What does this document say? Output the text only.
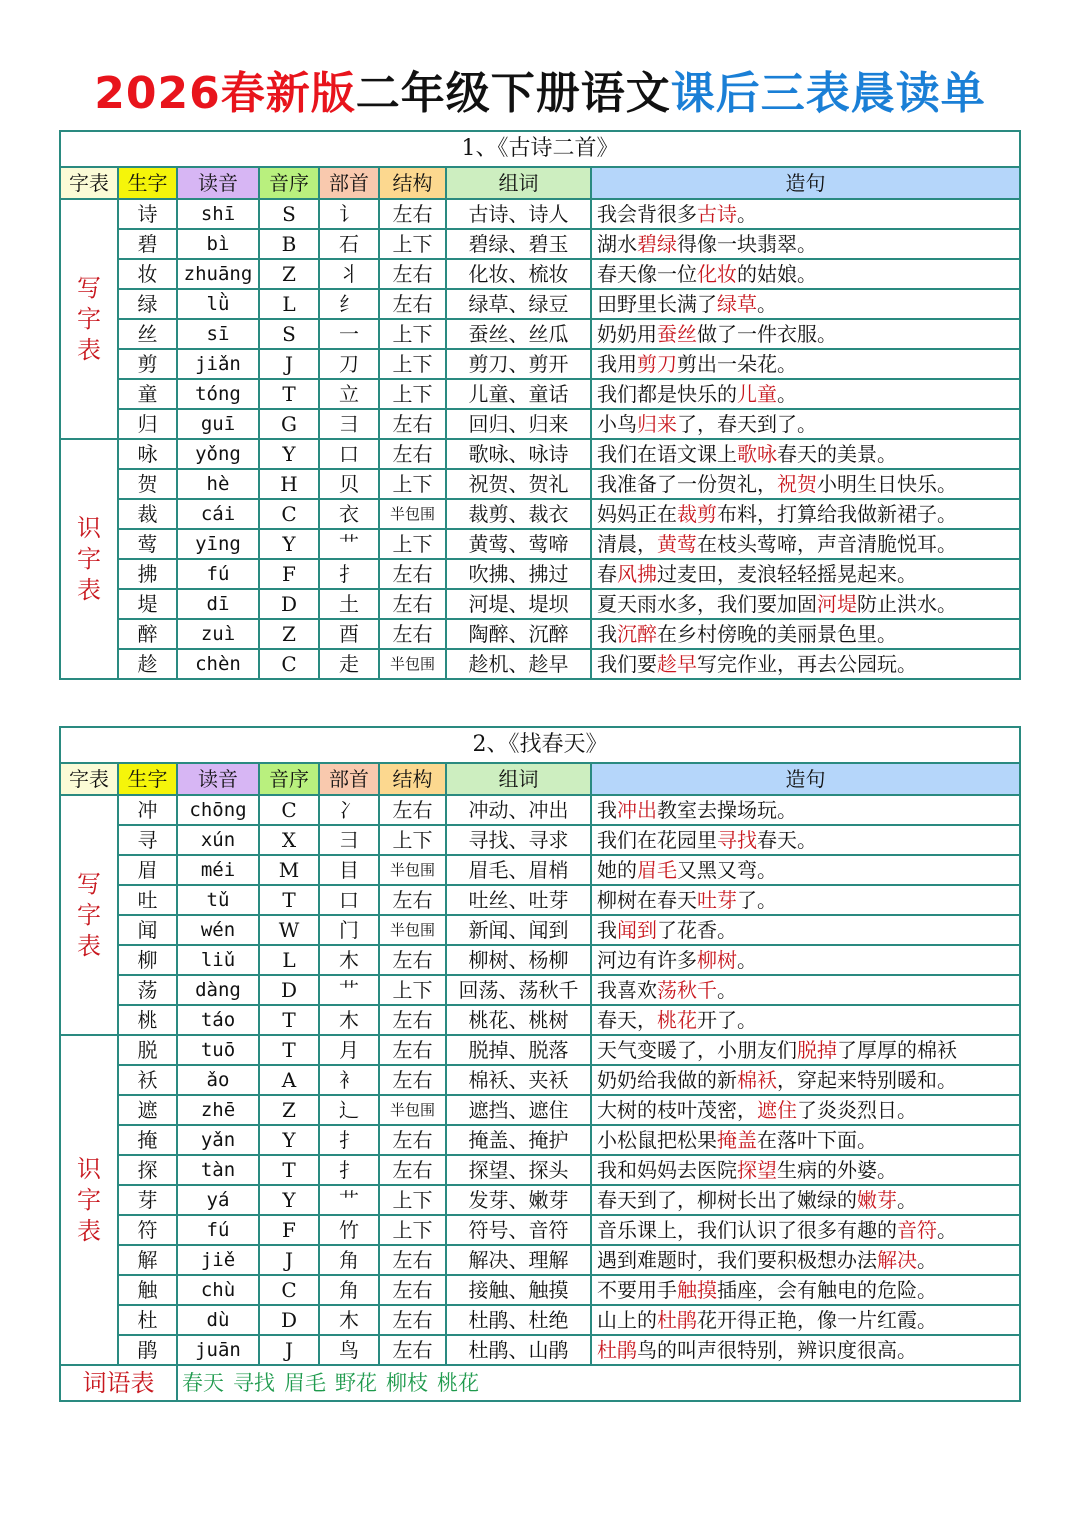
2026春新版二年级下册语文课后三表晨读单
1、《古诗二首》							
字表	生字	读音	音序	部首	结构	组词	造句

写字表	诗	shī	S	讠	左右	古诗、诗人	我会背很多古诗。
	碧	bì	B	石	上下	碧绿、碧玉	湖水碧绿得像一块翡翠。
	妆	zhuāng	Z	丬	左右	化妆、梳妆	春天像一位化妆的姑娘。
	绿	lǜ	L	纟	左右	绿草、绿豆	田野里长满了绿草。
	丝	sī	S	一	上下	蚕丝、丝瓜	奶奶用蚕丝做了一件衣服。
	剪	jiǎn	J	刀	上下	剪刀、剪开	我用剪刀剪出一朵花。
	童	tóng	T	立	上下	儿童、童话	我们都是快乐的儿童。
	归	guī	G	彐	左右	回归、归来	小鸟归来了，春天到了。

识字表	咏	yǒng	Y	口	左右	歌咏、咏诗	我们在语文课上歌咏春天的美景。
	贺	hè	H	贝	上下	祝贺、贺礼	我准备了一份贺礼，祝贺小明生日快乐。
	裁	cái	C	衣	半包围	裁剪、裁衣	妈妈正在裁剪布料，打算给我做新裙子。
	莺	yīng	Y	艹	上下	黄莺、莺啼	清晨，黄莺在枝头莺啼，声音清脆悦耳。
	拂	fú	F	扌	左右	吹拂、拂过	春风拂过麦田，麦浪轻轻摇晃起来。
	堤	dī	D	土	左右	河堤、堤坝	夏天雨水多，我们要加固河堤防止洪水。
	醉	zuì	Z	酉	左右	陶醉、沉醉	我沉醉在乡村傍晚的美丽景色里。
	趁	chèn	C	走	半包围	趁机、趁早	我们要趁早写完作业，再去公园玩。
2、《找春天》							
字表	生字	读音	音序	部首	结构	组词	造句

写字表	冲	chōng	C	冫	左右	冲动、冲出	我冲出教室去操场玩。
	寻	xún	X	彐	上下	寻找、寻求	我们在花园里寻找春天。
	眉	méi	M	目	半包围	眉毛、眉梢	她的眉毛又黑又弯。
	吐	tǔ	T	口	左右	吐丝、吐芽	柳树在春天吐芽了。
	闻	wén	W	门	半包围	新闻、闻到	我闻到了花香。
	柳	liǔ	L	木	左右	柳树、杨柳	河边有许多柳树。
	荡	dàng	D	艹	上下	回荡、荡秋千	我喜欢荡秋千。
	桃	táo	T	木	左右	桃花、桃树	春天，桃花开了。

识字表	脱	tuō	T	月	左右	脱掉、脱落	天气变暖了，小朋友们脱掉了厚厚的棉袄
	袄	ǎo	A	衤	左右	棉袄、夹袄	奶奶给我做的新棉袄，穿起来特别暖和。
	遮	zhē	Z	辶	半包围	遮挡、遮住	大树的枝叶茂密，遮住了炎炎烈日。
	掩	yǎn	Y	扌	左右	掩盖、掩护	小松鼠把松果掩盖在落叶下面。
	探	tàn	T	扌	左右	探望、探头	我和妈妈去医院探望生病的外婆。
	芽	yá	Y	艹	上下	发芽、嫩芽	春天到了，柳树长出了嫩绿的嫩芽。
	符	fú	F	竹	上下	符号、音符	音乐课上，我们认识了很多有趣的音符。
	解	jiě	J	角	左右	解决、理解	遇到难题时，我们要积极想办法解决。
	触	chù	C	角	左右	接触、触摸	不要用手触摸插座，会有触电的危险。
	杜	dù	D	木	左右	杜鹃、杜绝	山上的杜鹃花开得正艳，像一片红霞。
	鹃	juān	J	鸟	左右	杜鹃、山鹃	杜鹃鸟的叫声很特别，辨识度很高。
词语表		春天 寻找 眉毛 野花 柳枝 桃花					
